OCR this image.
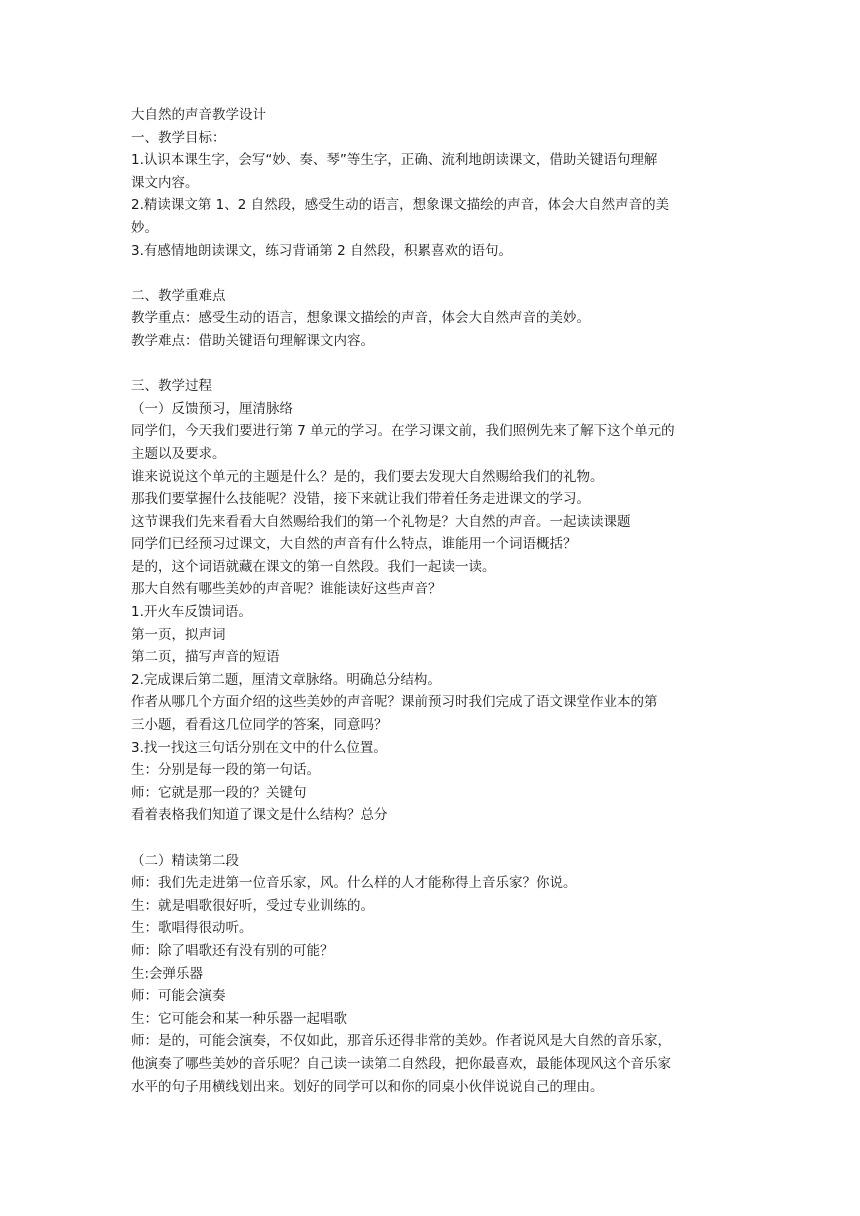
大自然的声音教学设计

一、教学目标：

1.认识本课生字，会写“妙、奏、琴”等生字，正确、流利地朗读课文，借助关键语句理解

课文内容。

2.精读课文第 1、2 自然段，感受生动的语言，想象课文描绘的声音，体会大自然声音的美

妙。

3.有感情地朗读课文，练习背诵第 2 自然段，积累喜欢的语句。

二、教学重难点

教学重点：感受生动的语言，想象课文描绘的声音，体会大自然声音的美妙。

教学难点：借助关键语句理解课文内容。

三、教学过程

（一）反馈预习，厘清脉络

同学们，今天我们要进行第 7 单元的学习。在学习课文前，我们照例先来了解下这个单元的

主题以及要求。

谁来说说这个单元的主题是什么？是的，我们要去发现大自然赐给我们的礼物。

那我们要掌握什么技能呢？没错，接下来就让我们带着任务走进课文的学习。

这节课我们先来看看大自然赐给我们的第一个礼物是？大自然的声音。一起读读课题

同学们已经预习过课文，大自然的声音有什么特点，谁能用一个词语概括？

是的，这个词语就藏在课文的第一自然段。我们一起读一读。

那大自然有哪些美妙的声音呢？谁能读好这些声音？

1.开火车反馈词语。

第一页，拟声词

第二页，描写声音的短语

2.完成课后第二题，厘清文章脉络。明确总分结构。

作者从哪几个方面介绍的这些美妙的声音呢？课前预习时我们完成了语文课堂作业本的第

三小题，看看这几位同学的答案，同意吗？

3.找一找这三句话分别在文中的什么位置。

生：分别是每一段的第一句话。

师：它就是那一段的？关键句

看着表格我们知道了课文是什么结构？总分

（二）精读第二段

师：我们先走进第一位音乐家，风。什么样的人才能称得上音乐家？你说。

生：就是唱歌很好听，受过专业训练的。

生：歌唱得很动听。

师：除了唱歌还有没有别的可能？

生:会弹乐器

师：可能会演奏

生：它可能会和某一种乐器一起唱歌

师：是的，可能会演奏，不仅如此，那音乐还得非常的美妙。作者说风是大自然的音乐家，

他演奏了哪些美妙的音乐呢？自己读一读第二自然段，把你最喜欢，最能体现风这个音乐家

水平的句子用横线划出来。划好的同学可以和你的同桌小伙伴说说自己的理由。
